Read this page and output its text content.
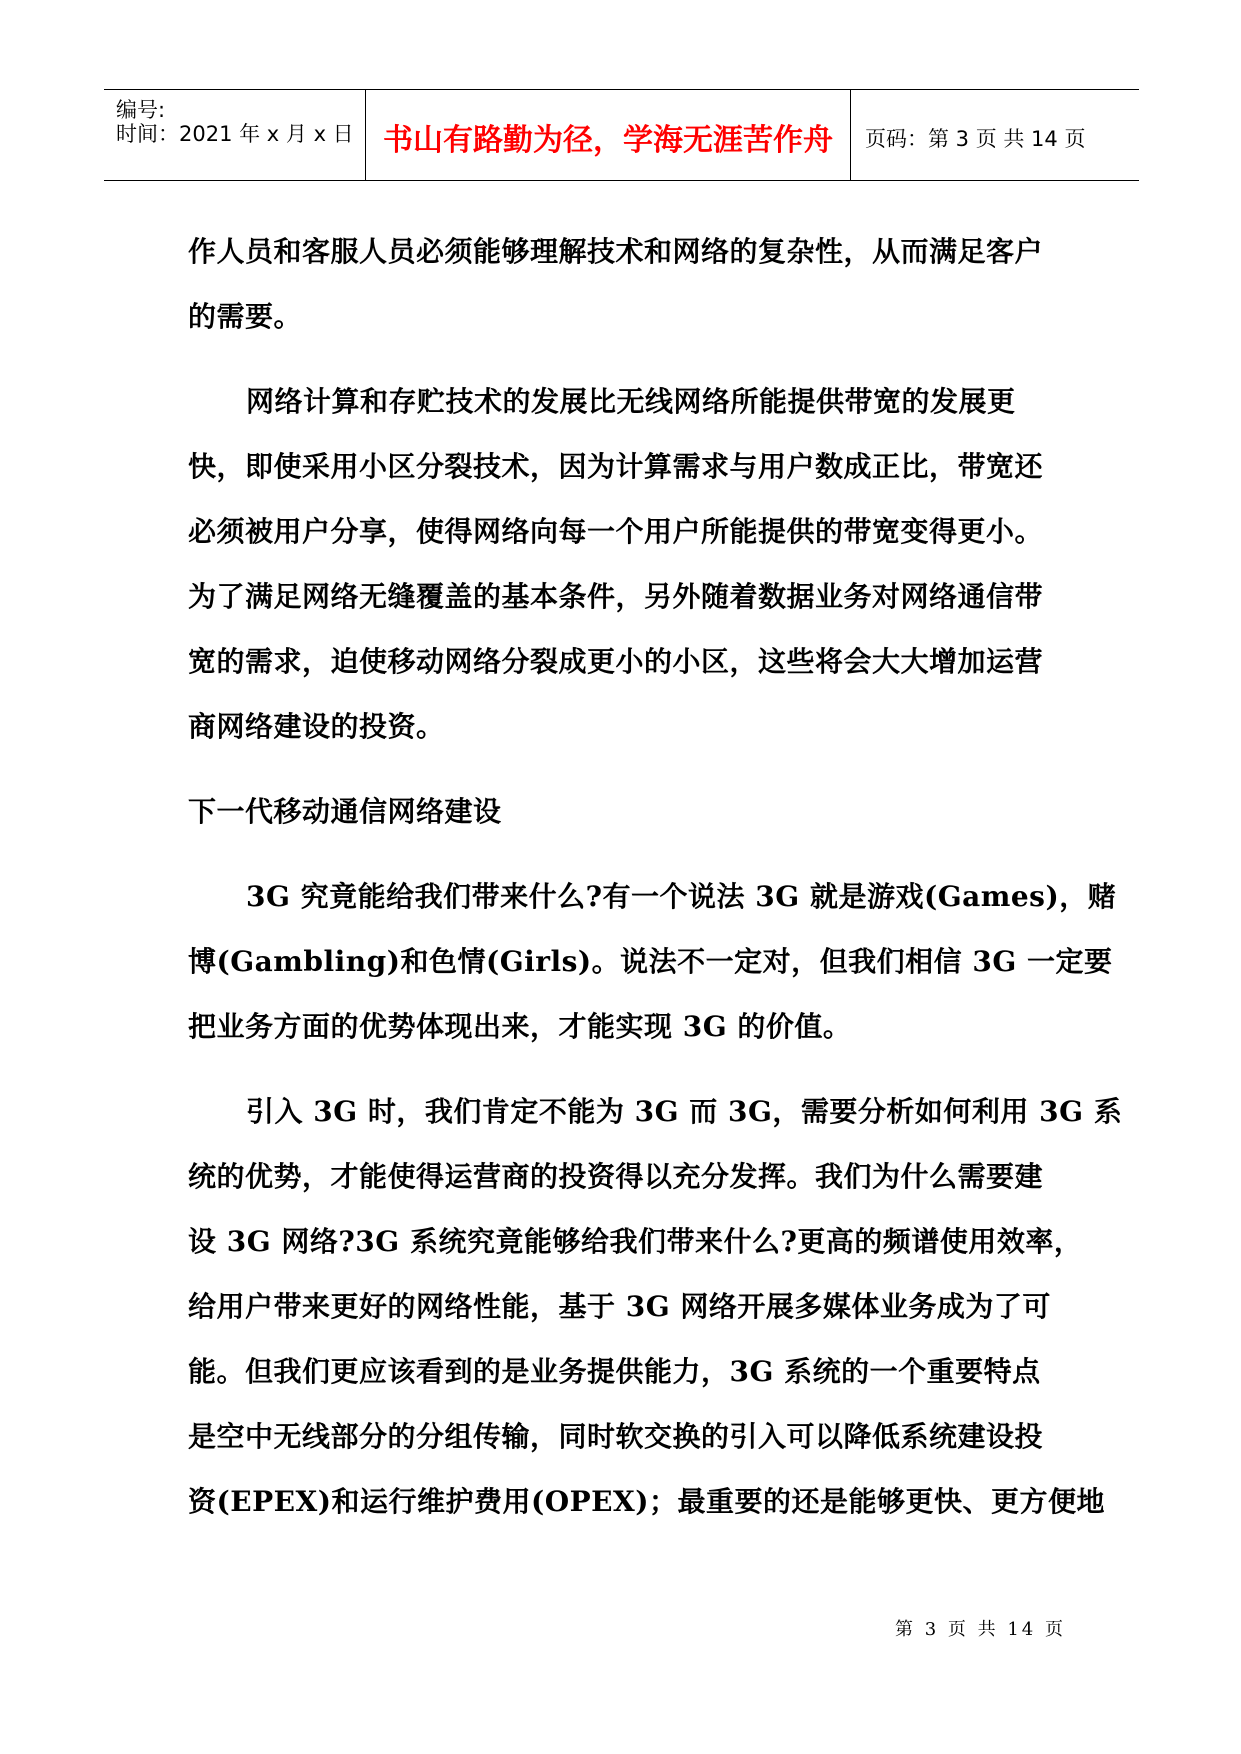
编号:
时间：2021 年 x 月 x 日 书山有路勤为径，学海无涯苦作舟	页码：第 3 页 共 14 页
作人员和客服人员必须能够理解技术和网络的复杂性，从而满足客户
的需要。
网络计算和存贮技术的发展比无线网络所能提供带宽的发展更
快，即使采用小区分裂技术，因为计算需求与用户数成正比，带宽还
必须被用户分享，使得网络向每一个用户所能提供的带宽变得更小。
为了满足网络无缝覆盖的基本条件，另外随着数据业务对网络通信带
宽的需求，迫使移动网络分裂成更小的小区，这些将会大大增加运营
商网络建设的投资。
下一代移动通信网络建设
3G 究竟能给我们带来什么?有一个说法 3G 就是游戏(Games)，赌
博(Gambling)和色情(Girls)。说法不一定对，但我们相信 3G 一定要
把业务方面的优势体现出来，才能实现 3G 的价值。
引入 3G 时，我们肯定不能为 3G 而 3G，需要分析如何利用 3G 系
统的优势，才能使得运营商的投资得以充分发挥。我们为什么需要建
设 3G 网络?3G 系统究竟能够给我们带来什么?更高的频谱使用效率，
给用户带来更好的网络性能，基于 3G 网络开展多媒体业务成为了可
能。但我们更应该看到的是业务提供能力，3G 系统的一个重要特点
是空中无线部分的分组传输，同时软交换的引入可以降低系统建设投
资(EPEX)和运行维护费用(OPEX)；最重要的还是能够更快、更方便地
第 3 页 共 14 页
